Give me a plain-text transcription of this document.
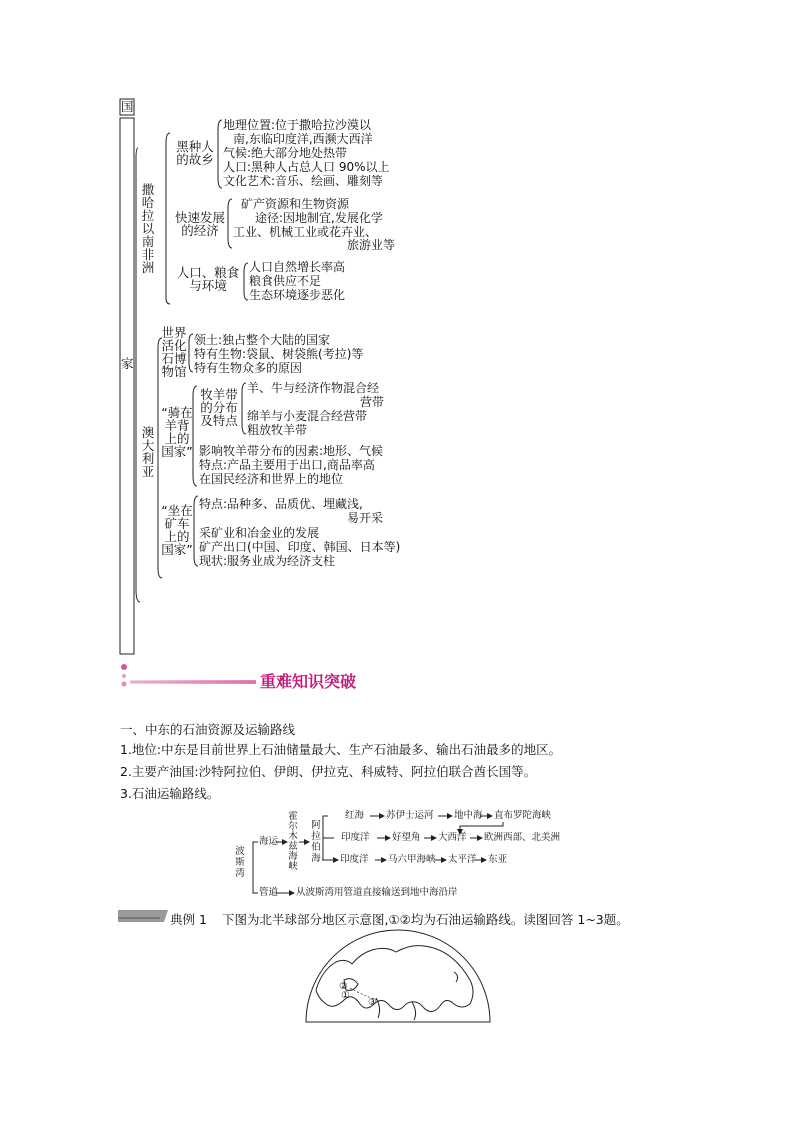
国
家
撒哈拉以南非洲
黑种人的故乡
地理位置:位于撒哈拉沙漠以
南,东临印度洋,西濒大西洋
气候:绝大部分地处热带
人口:黑种人占总人口 90%以上
文化艺术:音乐、绘画、雕刻等
快速发展的经济
矿产资源和生物资源
途径:因地制宜,发展化学
工业、机械工业或花卉业、
旅游业等
人口、粮食与环境
人口自然增长率高
粮食供应不足
生态环境逐步恶化
澳大利亚
世界活化石博物馆
领土:独占整个大陆的国家
特有生物:袋鼠、树袋熊(考拉)等
特有生物众多的原因
“骑在羊背上的国家”
牧羊带的分布及特点
羊、牛与经济作物混合经
营带
绵羊与小麦混合经营带
粗放牧羊带
影响牧羊带分布的因素:地形、气候
特点:产品主要用于出口,商品率高
在国民经济和世界上的地位
“坐在矿车上的国家”
特点:品种多、品质优、埋藏浅,
易开采
采矿业和冶金业的发展
矿产出口(中国、印度、韩国、日本等)
现状:服务业成为经济支柱
重难知识突破
一、中东的石油资源及运输路线
1.地位:中东是目前世界上石油储量最大、生产石油最多、输出石油最多的地区。
2.主要产油国:沙特阿拉伯、伊朗、伊拉克、科威特、阿拉伯联合酋长国等。
3.石油运输路线。
波斯湾
海运
管道
霍尔木兹海峡
阿拉伯海
红海 苏伊士运河 地中海 直布罗陀海峡
印度洋 好望角 大西洋 欧洲西部、北美洲
印度洋 马六甲海峡 太平洋 东亚
从波斯湾用管道直接输送到地中海沿岸
典例 1 下图为北半球部分地区示意图,①②均为石油运输路线。读图回答 1~3题。
①
②
③
